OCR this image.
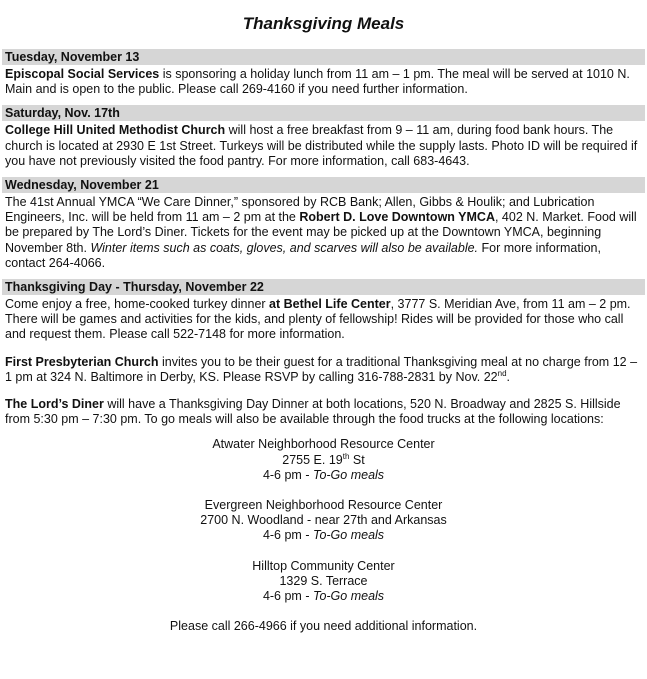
Thanksgiving Meals
Tuesday, November 13

Episcopal Social Services is sponsoring a holiday lunch from 11 am – 1 pm. The meal will be served at 1010 N. Main and is open to the public. Please call 269-4160 if you need further information.

Saturday, Nov. 17th

College Hill United Methodist Church will host a free breakfast from 9 – 11 am, during food bank hours. The church is located at 2930 E 1st Street. Turkeys will be distributed while the supply lasts. Photo ID will be required if you have not previously visited the food pantry. For more information, call 683-4643.

Wednesday, November 21

The 41st Annual YMCA “We Care Dinner,” sponsored by RCB Bank; Allen, Gibbs & Houlik; and Lubrication Engineers, Inc. will be held from 11 am – 2 pm at the Robert D. Love Downtown YMCA, 402 N. Market. Food will be prepared by The Lord’s Diner. Tickets for the event may be picked up at the Downtown YMCA, beginning November 8th. Winter items such as coats, gloves, and scarves will also be available. For more information, contact 264-4066.

Thanksgiving Day - Thursday, November 22

Come enjoy a free, home-cooked turkey dinner at Bethel Life Center, 3777 S. Meridian Ave, from 11 am – 2 pm. There will be games and activities for the kids, and plenty of fellowship! Rides will be provided for those who call and request them. Please call 522-7148 for more information.

First Presbyterian Church invites you to be their guest for a traditional Thanksgiving meal at no charge from 12 – 1 pm at 324 N. Baltimore in Derby, KS. Please RSVP by calling 316-788-2831 by Nov. 22nd.

The Lord’s Diner will have a Thanksgiving Day Dinner at both locations, 520 N. Broadway and 2825 S. Hillside from 5:30 pm – 7:30 pm. To go meals will also be available through the food trucks at the following locations:

Atwater Neighborhood Resource Center

2755 E. 19th St

4-6 pm - To-Go meals

Evergreen Neighborhood Resource Center

2700 N. Woodland - near 27th and Arkansas

4-6 pm - To-Go meals

Hilltop Community Center

1329 S. Terrace

4-6 pm - To-Go meals

Please call 266-4966 if you need additional information.
